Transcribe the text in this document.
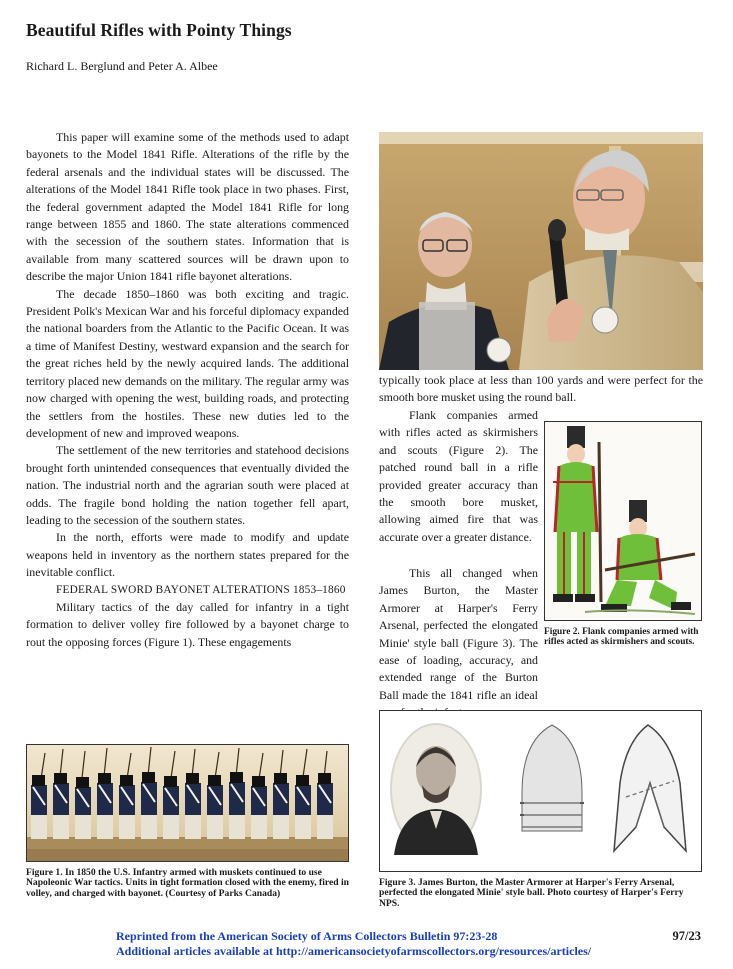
Beautiful Rifles with Pointy Things
Richard L. Berglund and Peter A. Albee

This paper will examine some of the methods used to adapt bayonets to the Model 1841 Rifle. Alterations of the rifle by the federal arsenals and the individual states will be discussed. The alterations of the Model 1841 Rifle took place in two phases. First, the federal government adapted the Model 1841 Rifle for long range between 1855 and 1860. The state alterations commenced with the secession of the southern states. Information that is available from many scattered sources will be drawn upon to describe the major Union 1841 rifle bayonet alterations.

The decade 1850–1860 was both exciting and tragic. President Polk's Mexican War and his forceful diplomacy expanded the national boarders from the Atlantic to the Pacific Ocean. It was a time of Manifest Destiny, westward expansion and the search for the great riches held by the newly acquired lands. The additional territory placed new demands on the military. The regular army was now charged with opening the west, building roads, and protecting the settlers from the hostiles. These new duties led to the development of new and improved weapons.

The settlement of the new territories and statehood decisions brought forth unintended consequences that eventually divided the nation. The industrial north and the agrarian south were placed at odds. The fragile bond holding the nation together fell apart, leading to the secession of the southern states.

In the north, efforts were made to modify and update weapons held in inventory as the northern states prepared for the inevitable conflict.

FEDERAL SWORD BAYONET ALTERATIONS 1853–1860

Military tactics of the day called for infantry in a tight formation to deliver volley fire followed by a bayonet charge to rout the opposing forces (Figure 1). These engagements

Figure 1. In 1850 the U.S. Infantry armed with muskets continued to use Napoleonic War tactics. Units in tight formation closed with the enemy, fired in volley, and charged with bayonet. (Courtesy of Parks Canada)

typically took place at less than 100 yards and were perfect for the smooth bore musket using the round ball.

Flank companies armed with rifles acted as skirmishers and scouts (Figure 2). The patched round ball in a rifle provided greater accuracy than the smooth bore musket, allowing aimed fire that was accurate over a greater distance.

Figure 2. Flank companies armed with rifles acted as skirmishers and scouts.

This all changed when James Burton, the Master Armorer at Harper's Ferry Arsenal, perfected the elongated Minie' style ball (Figure 3). The ease of loading, accuracy, and extended range of the Burton Ball made the 1841 rifle an ideal

Figure 3. James Burton, the Master Armorer at Harper's Ferry Arsenal, perfected the elongated Minie' style ball. Photo courtesy of Harper's Ferry NPS.
Reprinted from the American Society of Arms Collectors Bulletin 97:23-28
Additional articles available at http://americansocietyofarmscollectors.org/resources/articles/
97/23
